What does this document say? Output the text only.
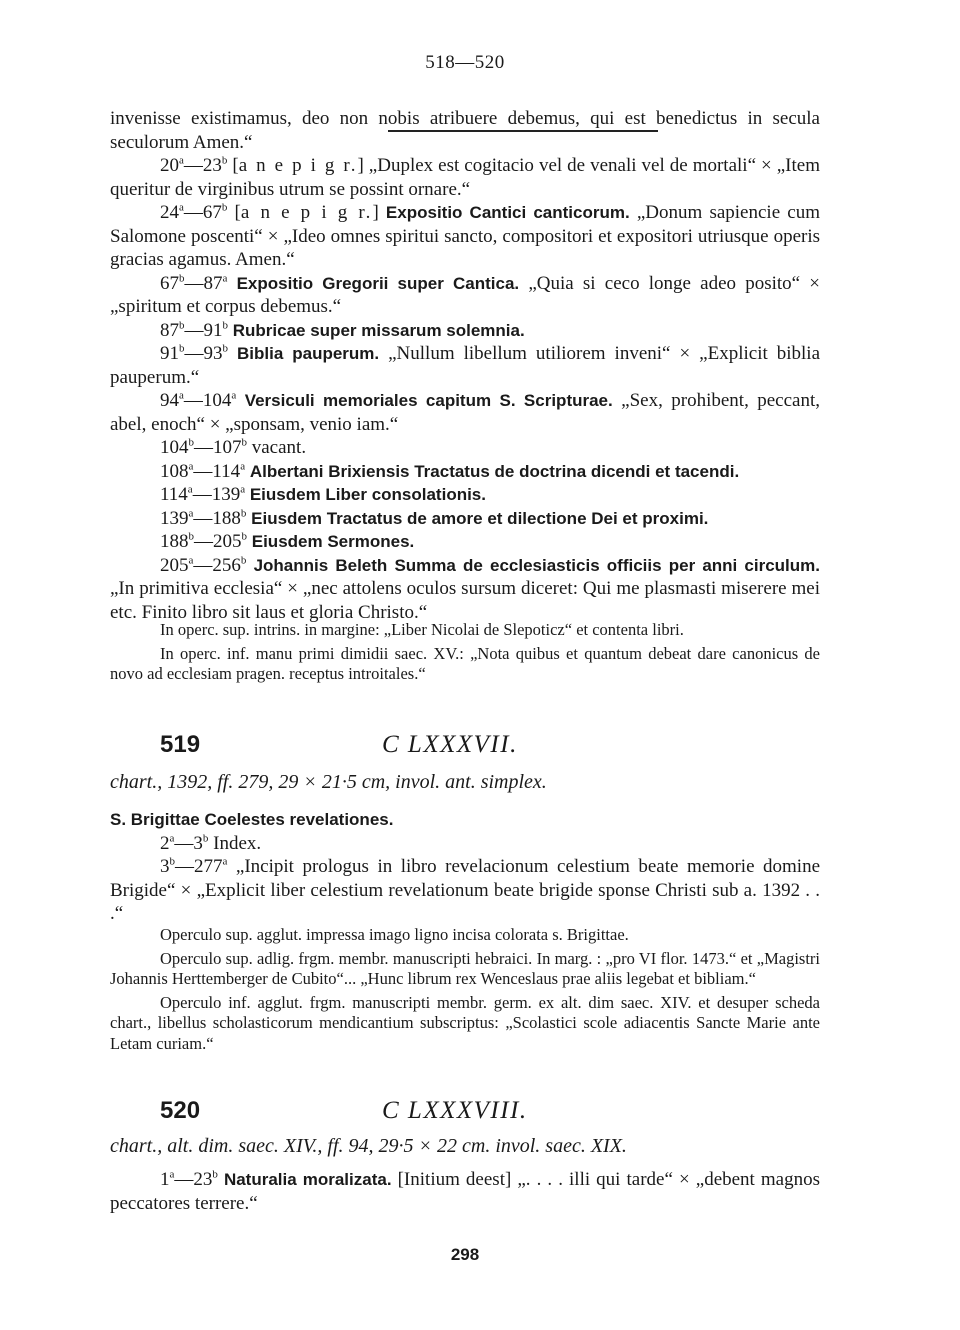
518—520

invenisse existimamus, deo non nobis atribuere debemus, qui est benedictus in secula seculorum Amen.“

20$^a$—23$^b$ [a n e p i g r.] „Duplex est cogitacio vel de venali vel de mortali“ × „Item queritur de virginibus utrum se possint ornare.“

24$^a$—67$^b$ [a n e p i g r.] Expositio Cantici canticorum. „Donum sapiencie cum Salomone poscenti“ × „Ideo omnes spiritui sancto, compositori et expositori utriusque operis gracias agamus. Amen.“

67$^b$—87$^a$ Expositio Gregorii super Cantica. „Quia si ceco longe adeo posito“ × „spiritum et corpus debemus.“

87$^b$—91$^b$ Rubricae super missarum solemnia.

91$^b$—93$^b$ Biblia pauperum. „Nullum libellum utiliorem inveni“ × „Explicit biblia pauperum.“

94$^a$—104$^a$ Versiculi memoriales capitum S. Scripturae. „Sex, prohibent, peccant, abel, enoch“ × „sponsam, venio iam.“

104$^b$—107$^b$ vacant.

108$^a$—114$^a$ Albertani Brixiensis Tractatus de doctrina dicendi et tacendi.

114$^a$—139$^a$ Eiusdem Liber consolationis.

139$^a$—188$^b$ Eiusdem Tractatus de amore et dilectione Dei et proximi.

188$^b$—205$^b$ Eiusdem Sermones.

205$^a$—256$^b$ Johannis Beleth Summa de ecclesiasticis officiis per anni circulum. „In primitiva ecclesia“ × „nec attolens oculos sursum diceret: Qui me plasmasti miserere mei etc. Finito libro sit laus et gloria Christo.“

In operc. sup. intrins. in margine: „Liber Nicolai de Slepoticz“ et contenta libri.

In operc. inf. manu primi dimidii saec. XV.: „Nota quibus et quantum debeat dare canonicus de novo ad ecclesiam pragen. receptus introitales.“

519	C LXXXVII.
chart., 1392, ff. 279, 29 × 21·5 cm, invol. ant. simplex.

S. Brigittae Coelestes revelationes.

2$^a$—3$^b$ Index.

3$^b$—277$^a$ „Incipit prologus in libro revelacionum celestium beate memorie domine Brigide“ × „Explicit liber celestium revelationum beate brigide sponse Christi sub a. 1392 . . .“

Operculo sup. agglut. impressa imago ligno incisa colorata s. Brigittae.

Operculo sup. adlig. frgm. membr. manuscripti hebraici. In marg. : „pro VI flor. 1473.“ et „Magistri Johannis Herttemberger de Cubito“... „Hunc librum rex Wenceslaus prae aliis legebat et bibliam.“

Operculo inf. agglut. frgm. manuscripti membr. germ. ex alt. dim saec. XIV. et desuper scheda chart., libellus scholasticorum mendicantium subscriptus: „Scolastici scole adiacentis Sancte Marie ante Letam curiam.“

520	C LXXXVIII.
chart., alt. dim. saec. XIV., ff. 94, 29·5 × 22 cm. invol. saec. XIX.

1$^a$—23$^b$ Naturalia moralizata. [Initium deest] „. . . . illi qui tarde“ × „debent magnos peccatores terrere.“

298
